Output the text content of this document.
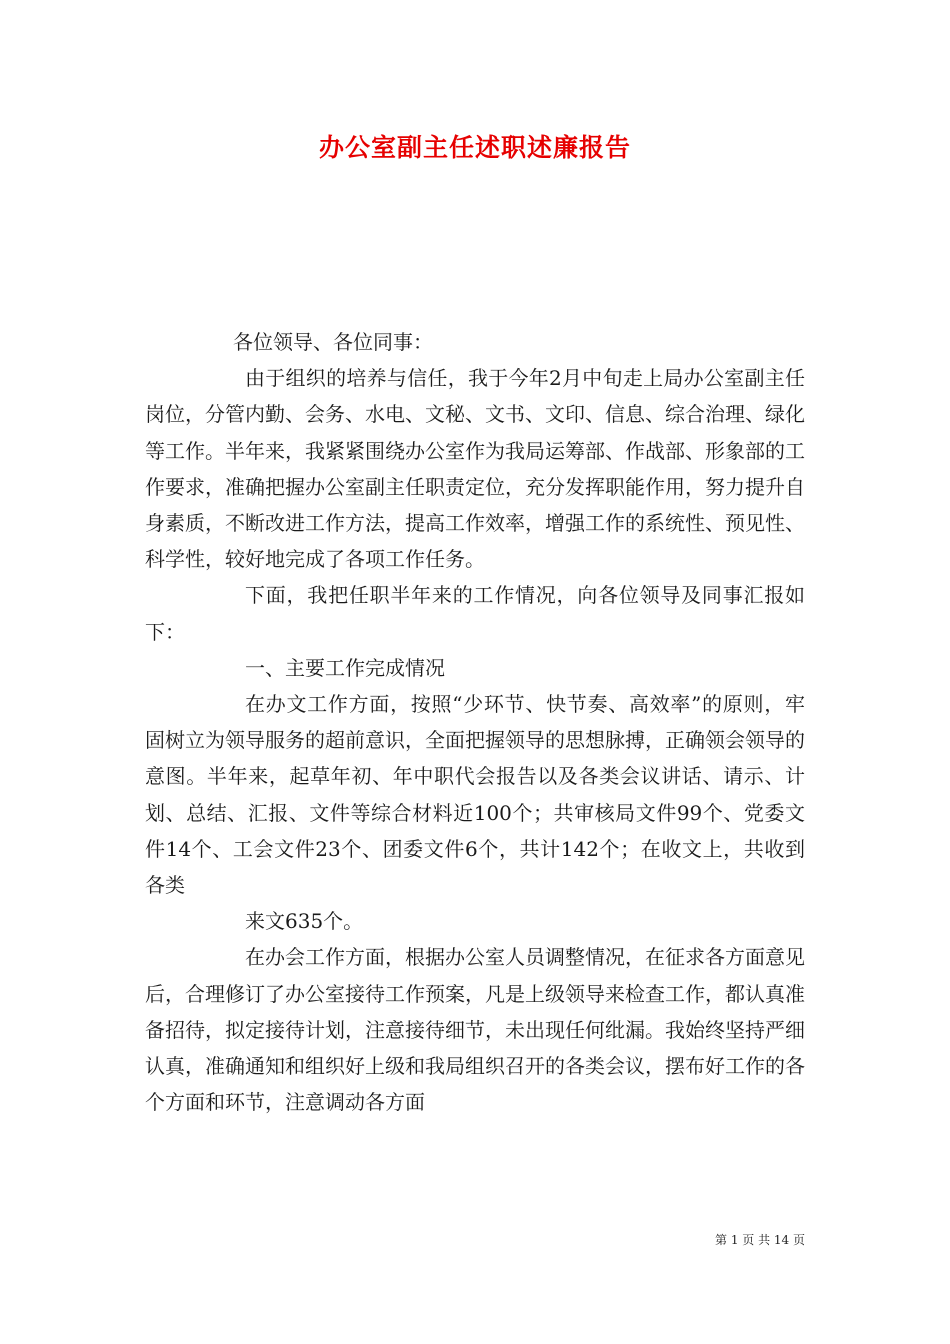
办公室副主任述职述廉报告

各位领导、各位同事：

由于组织的培养与信任，我于今年2月中旬走上局办公室副主任岗位，分管内勤、会务、水电、文秘、文书、文印、信息、综合治理、绿化等工作。半年来，我紧紧围绕办公室作为我局运筹部、作战部、形象部的工作要求，准确把握办公室副主任职责定位，充分发挥职能作用，努力提升自身素质，不断改进工作方法，提高工作效率，增强工作的系统性、预见性、科学性，较好地完成了各项工作任务。

下面，我把任职半年来的工作情况，向各位领导及同事汇报如下：

一、主要工作完成情况

在办文工作方面，按照“少环节、快节奏、高效率”的原则，牢固树立为领导服务的超前意识，全面把握领导的思想脉搏，正确领会领导的意图。半年来，起草年初、年中职代会报告以及各类会议讲话、请示、计划、总结、汇报、文件等综合材料近100个；共审核局文件99个、党委文件14个、工会文件23个、团委文件6个，共计142个；在收文上，共收到各类

来文635个。

在办会工作方面，根据办公室人员调整情况，在征求各方面意见后，合理修订了办公室接待工作预案，凡是上级领导来检查工作，都认真准备招待，拟定接待计划，注意接待细节，未出现任何纰漏。我始终坚持严细认真，准确通知和组织好上级和我局组织召开的各类会议，摆布好工作的各个方面和环节，注意调动各方面

第 1 页 共 14 页
